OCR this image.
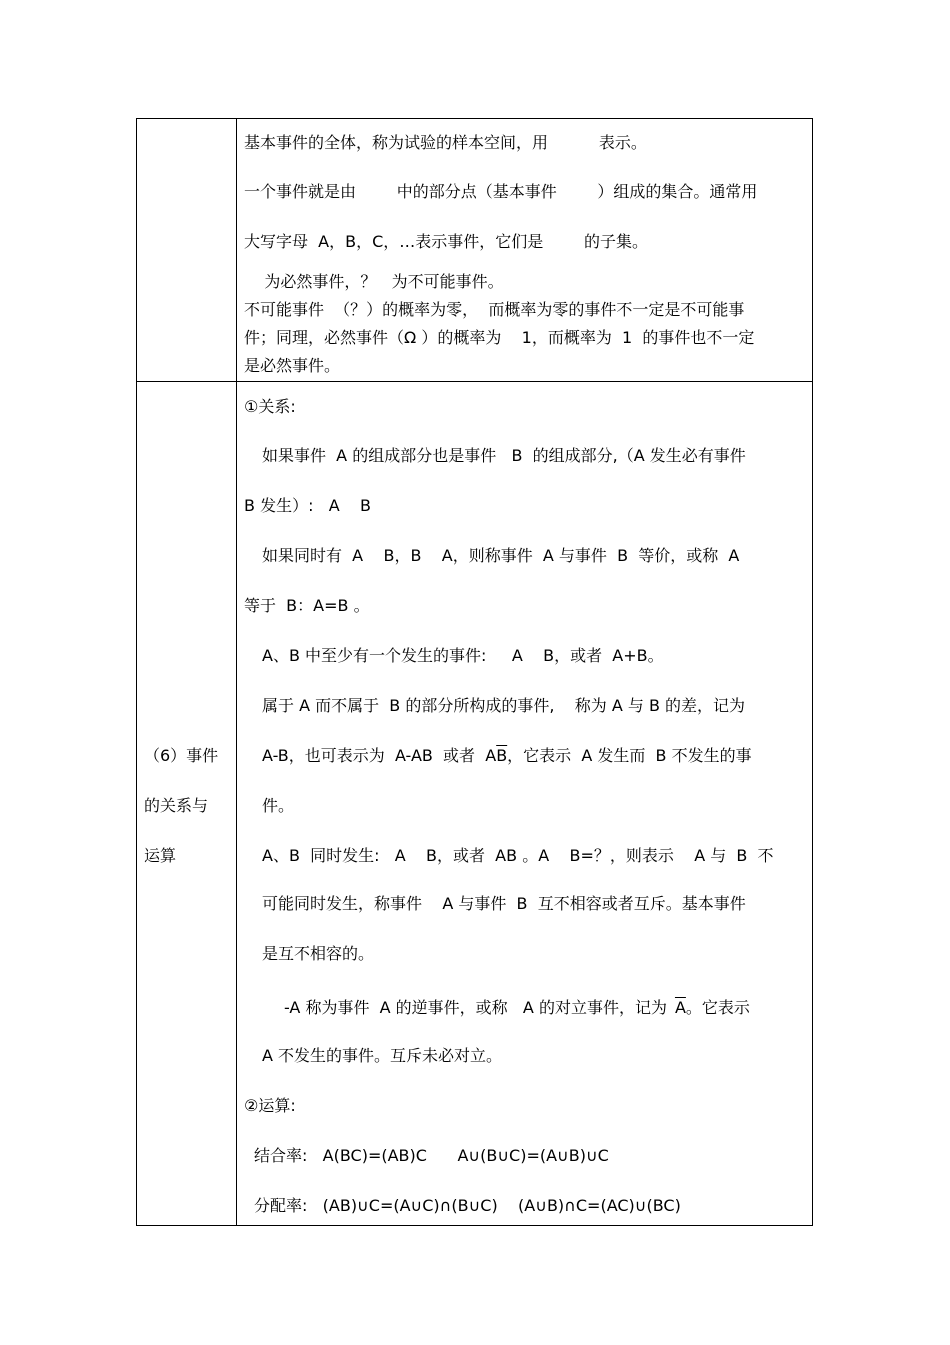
基本事件的全体，称为试验的样本空间，用          表示。
一个事件就是由        中的部分点（基本事件        ）组成的集合。通常用
大写字母  A，B，C，…表示事件，它们是        的子集。
为必然事件，？   为不可能事件。
不可能事件  （？）的概率为零，  而概率为零的事件不一定是不可能事
件；同理，必然事件（Ω ）的概率为    1，而概率为  1  的事件也不一定
是必然事件。
（6）事件
的关系与
运算
①关系:
如果事件  A 的组成部分也是事件   B  的组成部分,（A 发生必有事件
B 发生）:   A    B
如果同时有  A    B，B    A，则称事件  A 与事件  B  等价，或称  A
等于  B：A=B 。
A、B 中至少有一个发生的事件:     A    B，或者  A+B。
属于 A 而不属于  B 的部分所构成的事件,    称为 A 与 B 的差，记为
A-B，也可表示为  A-AB  或者  $A\overline{B}$，它表示  A 发生而  B 不发生的事
件。
A、B  同时发生:   A    B，或者  AB 。A    B=？，则表示    A 与  B  不
可能同时发生，称事件    A 与事件  B  互不相容或者互斥。基本事件
是互不相容的。
-A 称为事件  A 的逆事件，或称   A 的对立事件，记为 $\overline{A}$。它表示
A 不发生的事件。互斥未必对立。
②运算:
结合率:   A(BC)=(AB)C      A∪(B∪C)=(A∪B)∪C
分配率:   (AB)∪C=(A∪C)∩(B∪C)    (A∪B)∩C=(AC)∪(BC)
